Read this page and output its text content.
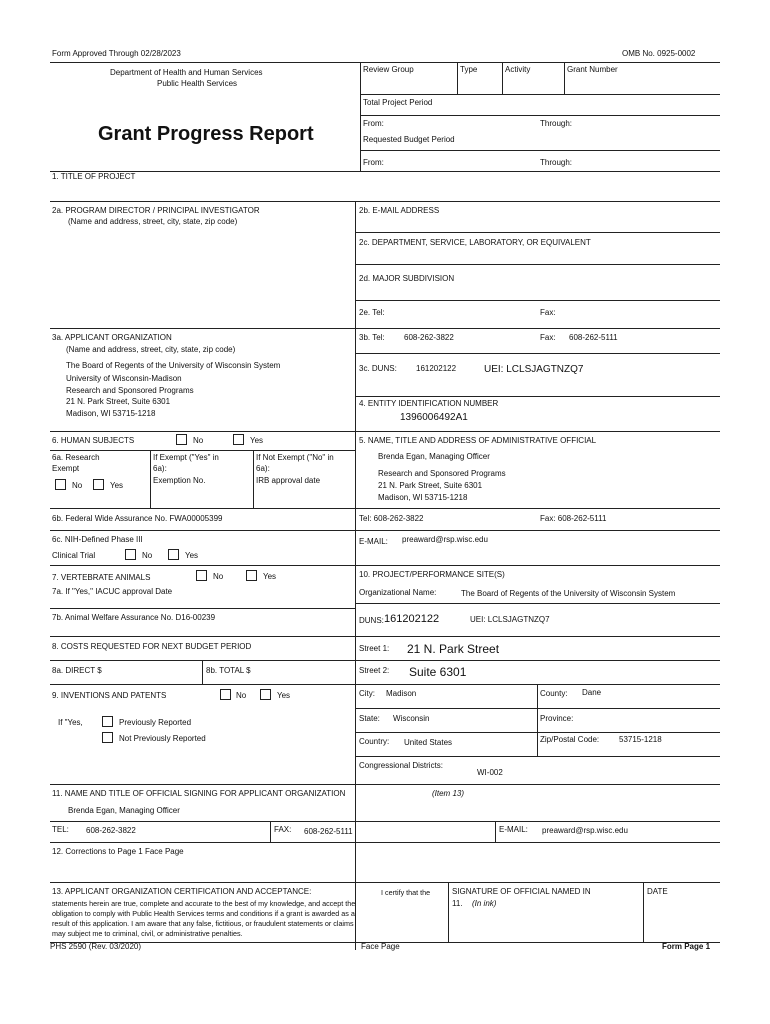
Form Approved Through 02/28/2023	OMB No. 0925-0002
Department of Health and Human Services
Public Health Services
Grant Progress Report
Review Group	Type	Activity	Grant Number
Total Project Period
From:	Through:
Requested Budget Period
From:	Through:
1. TITLE OF PROJECT
2a. PROGRAM DIRECTOR / PRINCIPAL INVESTIGATOR
(Name and address, street, city, state, zip code)
2b. E-MAIL ADDRESS
2c. DEPARTMENT, SERVICE, LABORATORY, OR EQUIVALENT
2d. MAJOR SUBDIVISION
2e. Tel:	Fax:
3a. APPLICANT ORGANIZATION
(Name and address, street, city, state, zip code)
The Board of Regents of the University of Wisconsin System
University of Wisconsin-Madison
Research and Sponsored Programs
21 N. Park Street, Suite 6301
Madison, WI 53715-1218
3b. Tel: 608-262-3822	Fax: 608-262-5111
3c. DUNS: 161202122	UEI: LCLSJAGTNZQ7
4. ENTITY IDENTIFICATION NUMBER
1396006492A1
5. NAME, TITLE AND ADDRESS OF ADMINISTRATIVE OFFICIAL
Brenda Egan, Managing Officer
Research and Sponsored Programs
21 N. Park Street, Suite 6301
Madison, WI 53715-1218
Tel: 608-262-3822	Fax: 608-262-5111
E-MAIL: preaward@rsp.wisc.edu
6. HUMAN SUBJECTS	No	Yes
6a. Research
Exempt
No	Yes
If Exempt ("Yes" in
6a):
Exemption No.
If Not Exempt ("No" in
6a):
IRB approval date
6b. Federal Wide Assurance No. FWA00005399
6c. NIH-Defined Phase III
Clinical Trial	No	Yes
7. VERTEBRATE ANIMALS	No	Yes
7a. If "Yes," IACUC approval Date
7b. Animal Welfare Assurance No. D16-00239
8. COSTS REQUESTED FOR NEXT BUDGET PERIOD
8a. DIRECT $	8b. TOTAL $
9. INVENTIONS AND PATENTS	No	Yes
If "Yes,	Previously Reported
Not Previously Reported
10. PROJECT/PERFORMANCE SITE(S)
Organizational Name:	The Board of Regents of the University of Wisconsin System
DUNS: 161202122	UEI: LCLSJAGTNZQ7
Street 1: 21 N. Park Street
Street 2: Suite 6301
City: Madison	County: Dane
State: Wisconsin	Province:
Country: United States	Zip/Postal Code: 53715-1218
Congressional Districts:
WI-002
11. NAME AND TITLE OF OFFICIAL SIGNING FOR APPLICANT ORGANIZATION	(Item 13)
Brenda Egan, Managing Officer
TEL: 608-262-3822	FAX: 608-262-5111	E-MAIL: preaward@rsp.wisc.edu
12. Corrections to Page 1 Face Page
13. APPLICANT ORGANIZATION CERTIFICATION AND ACCEPTANCE:	I certify that the
statements herein are true, complete and accurate to the best of my knowledge, and accept the
obligation to comply with Public Health Services terms and conditions if a grant is awarded as a
result of this application. I am aware that any false, fictitious, or fraudulent statements or claims
may subject me to criminal, civil, or administrative penalties.
SIGNATURE OF OFFICIAL NAMED IN
11. (In ink)
DATE
PHS 2590 (Rev. 03/2020)	Face Page	Form Page 1
